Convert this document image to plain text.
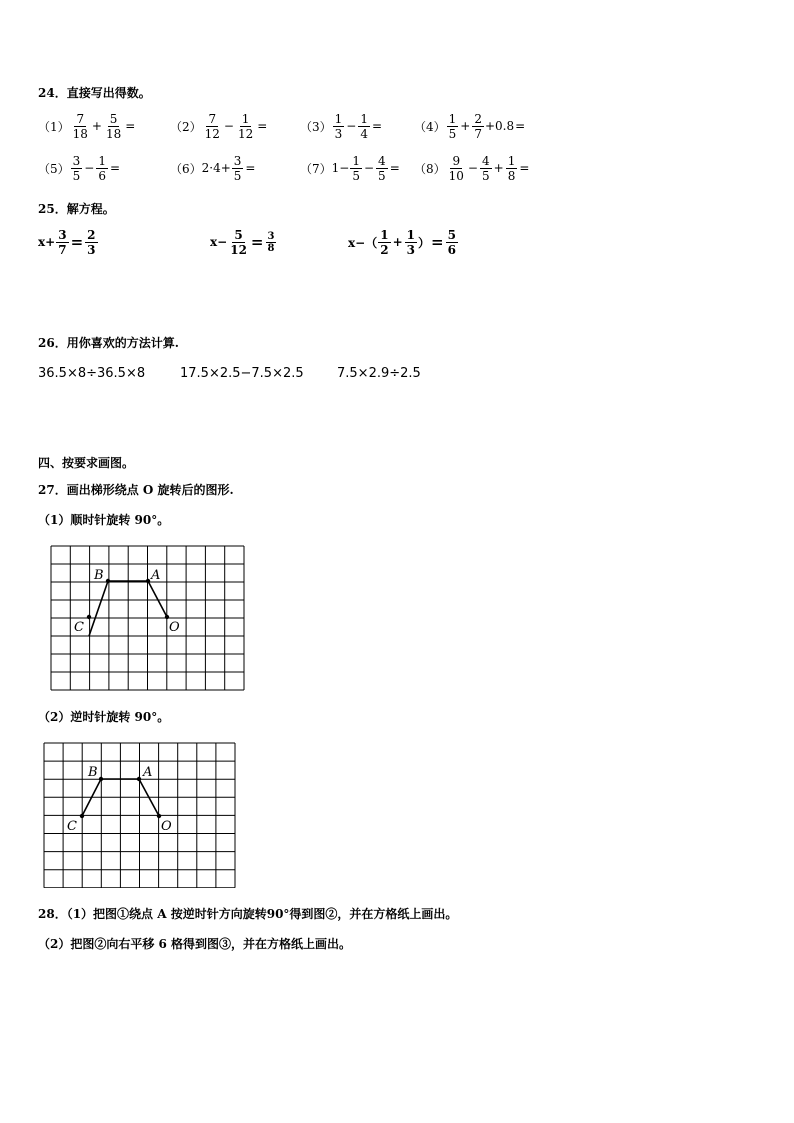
24．直接写出得数。
$(1) \frac{7}{18} + \frac{5}{18}$ =	$(2) \frac{7}{12} - \frac{1}{12}$ =	$(3) \frac{1}{3} - \frac{1}{4}$ =	$(4) \frac{1}{5} + \frac{2}{7} +0.8$ =
$(5) \frac{3}{5} - \frac{1}{6}$ =	（6） $2\cdot 4+ \frac{3}{5}$ =	（7） $1- \frac{1}{5} - \frac{4}{5} = (8) \frac{9}{10} - \frac{4}{5} + \frac{1}{8}$ =
25．解方程。
$x+ \frac{3}{7} = \frac{2}{3}$	$x- \frac{5}{12} = \frac{3}{8}$	$x-( \frac{1}{2} + \frac{1}{3}$ ） = $\frac{5}{6}$
26．用你喜欢的方法计算.
36.5×8÷36.5×8	17.5×2.5−7.5×2.5	7.5×2.9÷2.5
四、按要求画图。
27．画出梯形绕点 O 旋转后的图形.
（1）顺时针旋转 90°。
B	A
C	O
（2）逆时针旋转 90°。
B	A
C	O
28．（1）把图①绕点 A 按逆时针方向旋转90°得到图②，并在方格纸上画出。
（2）把图②向右平移 6 格得到图③，并在方格纸上画出。
